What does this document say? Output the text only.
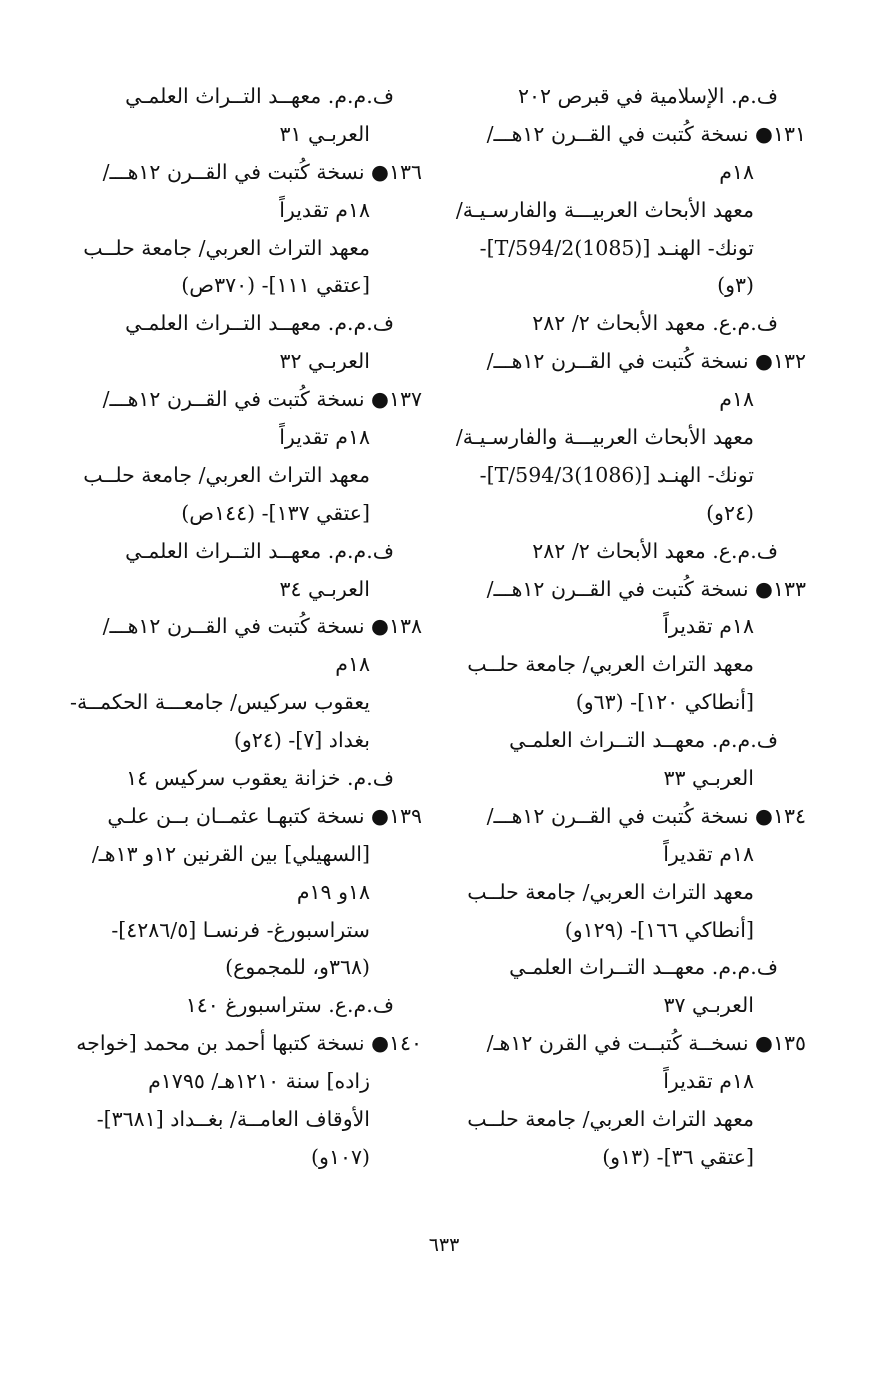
ف.م. الإسلامية في قبرص ٢٠٢
١٣١● نسخة كُتبت في القــرن ١٢هـــ/
١٨م
معهد الأبحاث العربيـــة والفارسـيـة/
تونك- الهنـد [T/594/2(1085)]-
(٣و)
ف.م.ع. معهد الأبحاث ٢/ ٢٨٢
١٣٢● نسخة كُتبت في القــرن ١٢هـــ/
١٨م
معهد الأبحاث العربيـــة والفارسـيـة/
تونك- الهنـد [T/594/3(1086)]-
(٢٤و)
ف.م.ع. معهد الأبحاث ٢/ ٢٨٢
١٣٣● نسخة كُتبت في القــرن ١٢هـــ/
١٨م تقديراً
معهد التراث العربي/ جامعة حلــب
[أنطاكي ١٢٠]- (٦٣و)
ف.م.م. معهــد التــراث العلمـي
العربـي ٣٣
١٣٤● نسخة كُتبت في القــرن ١٢هـــ/
١٨م تقديراً
معهد التراث العربي/ جامعة حلــب
[أنطاكي ١٦٦]- (١٢٩و)
ف.م.م. معهــد التــراث العلمـي
العربـي ٣٧
١٣٥● نسخــة كُتبــت في القرن ١٢هـ/
١٨م تقديراً
معهد التراث العربي/ جامعة حلــب
[عتقي ٣٦]- (١٣و)
ف.م.م. معهــد التــراث العلمـي
العربـي ٣١
١٣٦● نسخة كُتبت في القــرن ١٢هـــ/
١٨م تقديراً
معهد التراث العربي/ جامعة حلــب
[عتقي ١١١]- (٣٧٠ص)
ف.م.م. معهــد التــراث العلمـي
العربـي ٣٢
١٣٧● نسخة كُتبت في القــرن ١٢هـــ/
١٨م تقديراً
معهد التراث العربي/ جامعة حلــب
[عتقي ١٣٧]- (١٤٤ص)
ف.م.م. معهــد التــراث العلمـي
العربـي ٣٤
١٣٨● نسخة كُتبت في القــرن ١٢هـــ/
١٨م
يعقوب سركيس/ جامعـــة الحكمــة-
بغداد [٧]- (٢٤و)
ف.م. خزانة يعقوب سركيس ١٤
١٣٩● نسخة كتبهـا عثمــان بــن علـي
[السهيلي] بين القرنين ١٢و ١٣هـ/
١٨و ١٩م
ستراسبورغ- فرنسـا [٤٢٨٦/٥]-
(٣٦٨و، للمجموع)
ف.م.ع. ستراسبورغ ١٤٠
١٤٠● نسخة كتبها أحمد بن محمد [خواجه
زاده] سنة ١٢١٠هـ/ ١٧٩٥م
الأوقاف العامــة/ بغــداد [٣٦٨١]-
(١٠٧و)
٦٣٣
